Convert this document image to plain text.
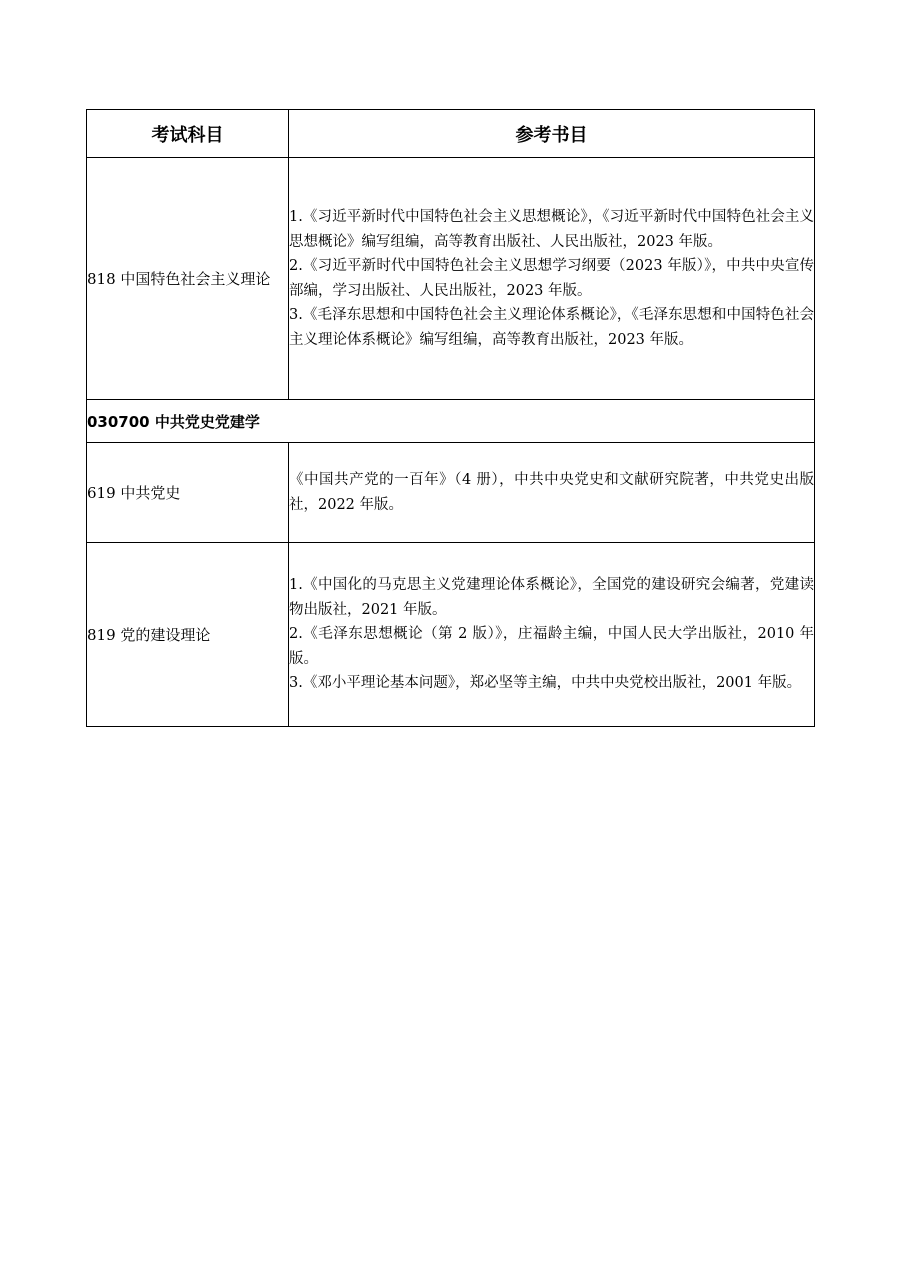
考试科目	参考书目
818 中国特色社会主义理论	1.《习近平新时代中国特色社会主义思想概论》，《习近平新时代中国特色社会主义思想概论》编写组编，高等教育出版社、人民出版社，2023 年版。
2.《习近平新时代中国特色社会主义思想学习纲要（2023 年版）》，中共中央宣传部编，学习出版社、人民出版社，2023 年版。
3.《毛泽东思想和中国特色社会主义理论体系概论》，《毛泽东思想和中国特色社会主义理论体系概论》编写组编，高等教育出版社，2023 年版。

030700 中共党史党建学	
619 中共党史	《中国共产党的一百年》（4 册），中共中央党史和文献研究院著，中共党史出版社，2022 年版。

819 党的建设理论	1.《中国化的马克思主义党建理论体系概论》，全国党的建设研究会编著，党建读物出版社，2021 年版。
2.《毛泽东思想概论（第 2 版）》，庄福龄主编，中国人民大学出版社，2010 年版。
3.《邓小平理论基本问题》，郑必坚等主编，中共中央党校出版社，2001 年版。
